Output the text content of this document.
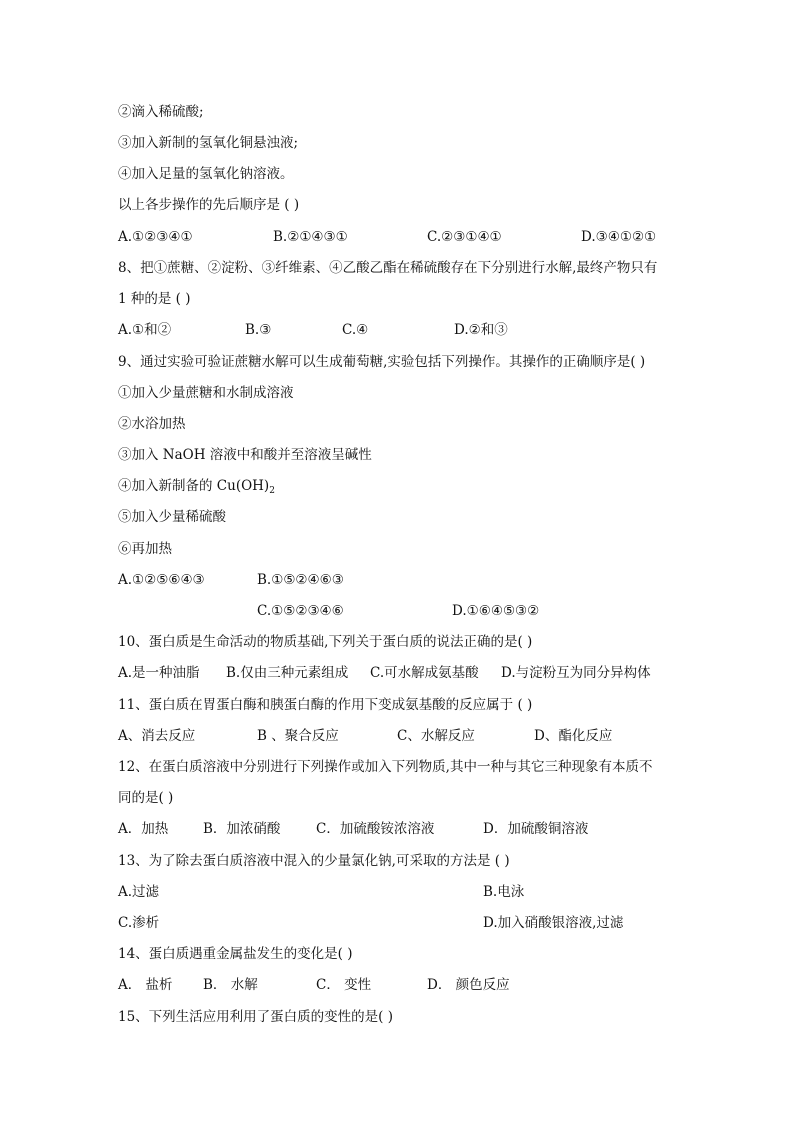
②滴入稀硫酸;
③加入新制的氢氧化铜悬浊液;
④加入足量的氢氧化钠溶液。
以上各步操作的先后顺序是 ( )
A.①②③④①	B.②①④③①	C.②③①④①	D.③④①②①
8、把①蔗糖、②淀粉、③纤维素、④乙酸乙酯在稀硫酸存在下分别进行水解,最终产物只有
1 种的是 ( )
A.①和②	B.③	C.④	D.②和③
9、通过实验可验证蔗糖水解可以生成葡萄糖,实验包括下列操作。其操作的正确顺序是( )
①加入少量蔗糖和水制成溶液
②水浴加热
③加入 NaOH 溶液中和酸并至溶液呈碱性
④加入新制备的 $Cu(OH)_2$
⑤加入少量稀硫酸
⑥再加热
A.①②⑤⑥④③	B.①⑤②④⑥③
C.①⑤②③④⑥	D.①⑥④⑤③②
10、蛋白质是生命活动的物质基础,下列关于蛋白质的说法正确的是( )
A.是一种油脂 B.仅由三种元素组成 C.可水解成氨基酸 D.与淀粉互为同分异构体
11、蛋白质在胃蛋白酶和胰蛋白酶的作用下变成氨基酸的反应属于 ( )
A、消去反应	B 、聚合反应	C、水解反应	D、酯化反应
12、在蛋白质溶液中分别进行下列操作或加入下列物质,其中一种与其它三种现象有本质不
同的是( )
A．加热	B．加浓硝酸	C．加硫酸铵浓溶液	D．加硫酸铜溶液
13、为了除去蛋白质溶液中混入的少量氯化钠,可采取的方法是 ( )
A.过滤	B.电泳
C.渗析	D.加入硝酸银溶液,过滤
14、蛋白质遇重金属盐发生的变化是( )
A． 盐析 B． 水解	C． 变性	D． 颜色反应
15、下列生活应用利用了蛋白质的变性的是( )
